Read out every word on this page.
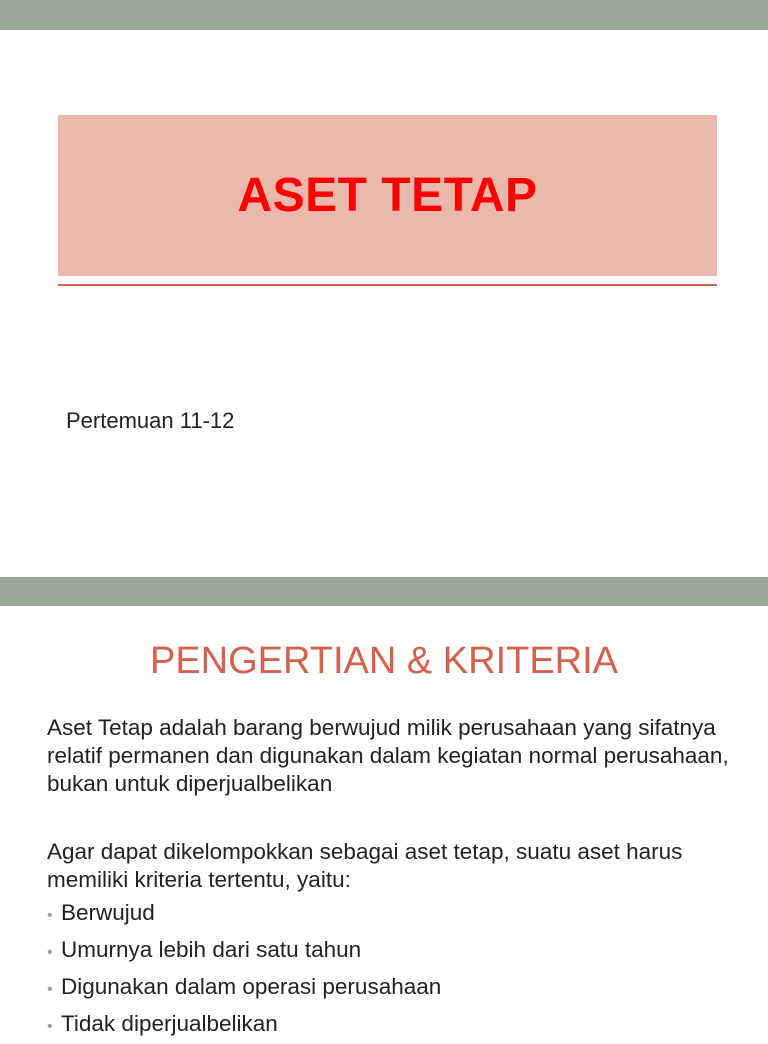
ASET TETAP
Pertemuan 11-12
PENGERTIAN & KRITERIA
Aset Tetap adalah barang berwujud milik perusahaan yang sifatnya relatif permanen dan digunakan dalam kegiatan normal perusahaan, bukan untuk diperjualbelikan
Agar dapat dikelompokkan sebagai aset tetap, suatu aset harus memiliki kriteria tertentu, yaitu:
• Berwujud
• Umurnya lebih dari satu tahun
• Digunakan dalam operasi perusahaan
• Tidak diperjualbelikan
